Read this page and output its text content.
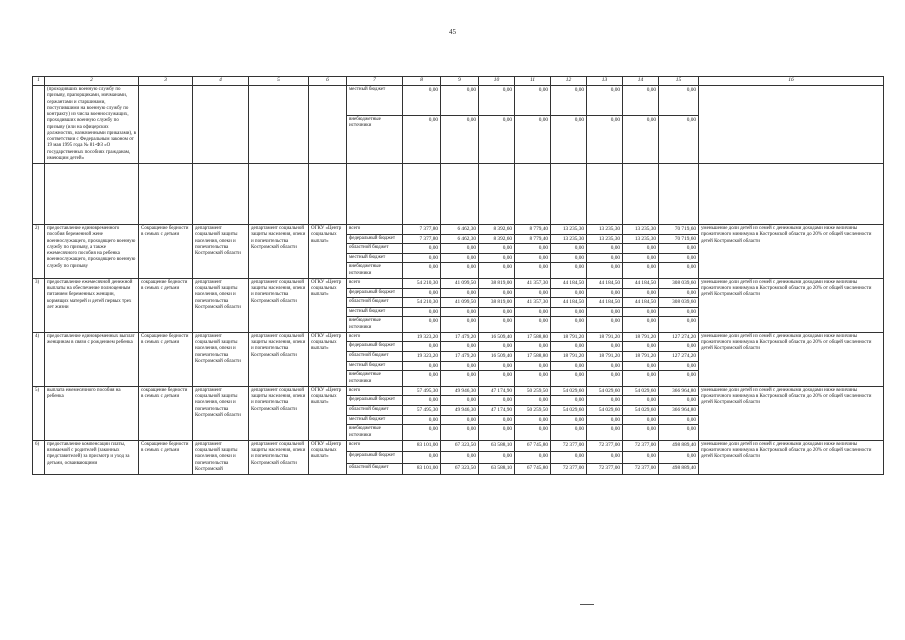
45
1	2	3	4	5	6	7	8	9	10	11	12	13	14	15	16
	(проходивших военную службу по призыву, прапорщиками, мичманами, сержантами и старшинами, поступившими на военную службу по контракту) из числа военнослужащих, проходивших военную службу по призыву (или на офицерских должностях, назначенными приказами), в соответствии с Федеральным законом от 19 мая 1995 года № 81-ФЗ «О государственных пособиях гражданам, имеющим детей»					местный бюджет	0,00	0,00	0,00	0,00	0,00	0,00	0,00	0,00	
						внебюджетные источники	0,00	0,00	0,00	0,00	0,00	0,00	0,00	0,00	

2)	предоставление единовременного пособия беременной жене военнослужащего, проходящего военную службу по призыву, а также ежемесячного пособия на ребенка военнослужащего, проходящего военную службу по призыву	Сокращение бедности в семьях с детьми	департамент социальной защиты населения, опеки и попечительства Костромской области	департамент социальной защиты населения, опеки и попечительства Костромской области	ОГКУ «Центр социальных выплат»	всего	7 377,80	6 462,30	8 392,60	8 779,40	13 235,30	13 235,30	13 235,30	70 719,60	уменьшение доли детей из семей с денежными доходами ниже величины прожиточного минимума в Костромской области до 20% от общей численности детей Костромской области
						федеральный бюджет	7 377,80	6 462,30	8 392,60	8 779,40	13 235,30	13 235,30	13 235,30	70 719,60	
						областной бюджет	0,00	0,00	0,00	0,00	0,00	0,00	0,00	0,00	
						местный бюджет	0,00	0,00	0,00	0,00	0,00	0,00	0,00	0,00	
						внебюджетные источники	0,00	0,00	0,00	0,00	0,00	0,00	0,00	0,00	
3)	предоставление ежемесячной денежной выплаты на обеспечение полноценным питанием беременных женщин, кормящих матерей и детей первых трех лет жизни	сокращение бедности в семьях с детьми	департамент социальной защиты населения, опеки и попечительства Костромской области	департамент социальной защиты населения, опеки и попечительства Костромской области	ОГКУ «Центр социальных выплат»	всего	54 210,30	41 099,50	38 819,00	41 357,30	44 184,50	44 184,50	44 184,50	308 039,60	уменьшение доли детей из семей с денежными доходами ниже величины прожиточного минимума в Костромской области до 20% от общей численности детей Костромской области
						федеральный бюджет	0,00	0,00	0,00	0,00	0,00	0,00	0,00	0,00	
						областной бюджет	54 210,30	41 099,50	38 819,00	41 357,30	44 184,50	44 184,50	44 184,50	308 039,60	
						местный бюджет	0,00	0,00	0,00	0,00	0,00	0,00	0,00	0,00	
						внебюджетные источники	0,00	0,00	0,00	0,00	0,00	0,00	0,00	0,00	
4)	предоставление единовременных выплат женщинам в связи с рождением ребенка	Сокращение бедности в семьях с детьми	департамент социальной защиты населения, опеки и попечительства Костромской области	департамент социальной защиты населения, опеки и попечительства Костромской области	ОГКУ «Центр социальных выплат»	всего	19 323,20	17 479,20	16 509,40	17 588,80	18 791,20	18 791,20	18 791,20	127 274,20	уменьшение доли детей из семей с денежными доходами ниже величины прожиточного минимума в Костромской области до 20% от общей численности детей Костромской области
						федеральный бюджет	0,00	0,00	0,00	0,00	0,00	0,00	0,00	0,00	
						областной бюджет	19 323,20	17 479,20	16 509,40	17 588,80	18 791,20	18 791,20	18 791,20	127 274,20	
						местный бюджет	0,00	0,00	0,00	0,00	0,00	0,00	0,00	0,00	
						внебюджетные источники	0,00	0,00	0,00	0,00	0,00	0,00	0,00	0,00	
5)	выплата ежемесячного пособия на ребенка	сокращение бедности в семьях с детьми	департамент социальной защиты населения, опеки и попечительства Костромской области	департамент социальной защиты населения, опеки и попечительства Костромской области	ОГКУ «Центр социальных выплат»	всего	57 495,30	49 946,30	47 174,90	50 259,50	54 029,60	54 029,60	54 029,60	366 964,80	уменьшение доли детей из семей с денежными доходами ниже величины прожиточного минимума в Костромской области до 20% от общей численности детей Костромской области
						федеральный бюджет	0,00	0,00	0,00	0,00	0,00	0,00	0,00	0,00	
						областной бюджет	57 495,30	49 946,30	47 174,90	50 259,50	54 029,60	54 029,60	54 029,60	366 964,80	
						местный бюджет	0,00	0,00	0,00	0,00	0,00	0,00	0,00	0,00	
						внебюджетные источники	0,00	0,00	0,00	0,00	0,00	0,00	0,00	0,00	
6)	предоставление компенсации платы, взимаемой с родителей (законных представителей) за присмотр и уход за детьми, осваивающими	Сокращение бедности в семьях с детьми	департамент социальной защиты населения, опеки и попечительства Костромской	департамент социальной защиты населения, опеки и попечительства Костромской области	ОГКУ «Центр социальных выплат»	всего	83 101,00	67 323,50	63 588,10	67 745,80	72 377,00	72 377,00	72 377,00	498 889,40	уменьшение доли детей из семей с денежными доходами ниже величины прожиточного минимума в Костромской области до 20% от общей численности детей Костромской области
						федеральный бюджет	0,00	0,00	0,00	0,00	0,00	0,00	0,00	0,00	
						областной бюджет	83 101,00	67 323,50	63 588,10	67 745,80	72 377,00	72 377,00	72 377,00	498 889,40	
